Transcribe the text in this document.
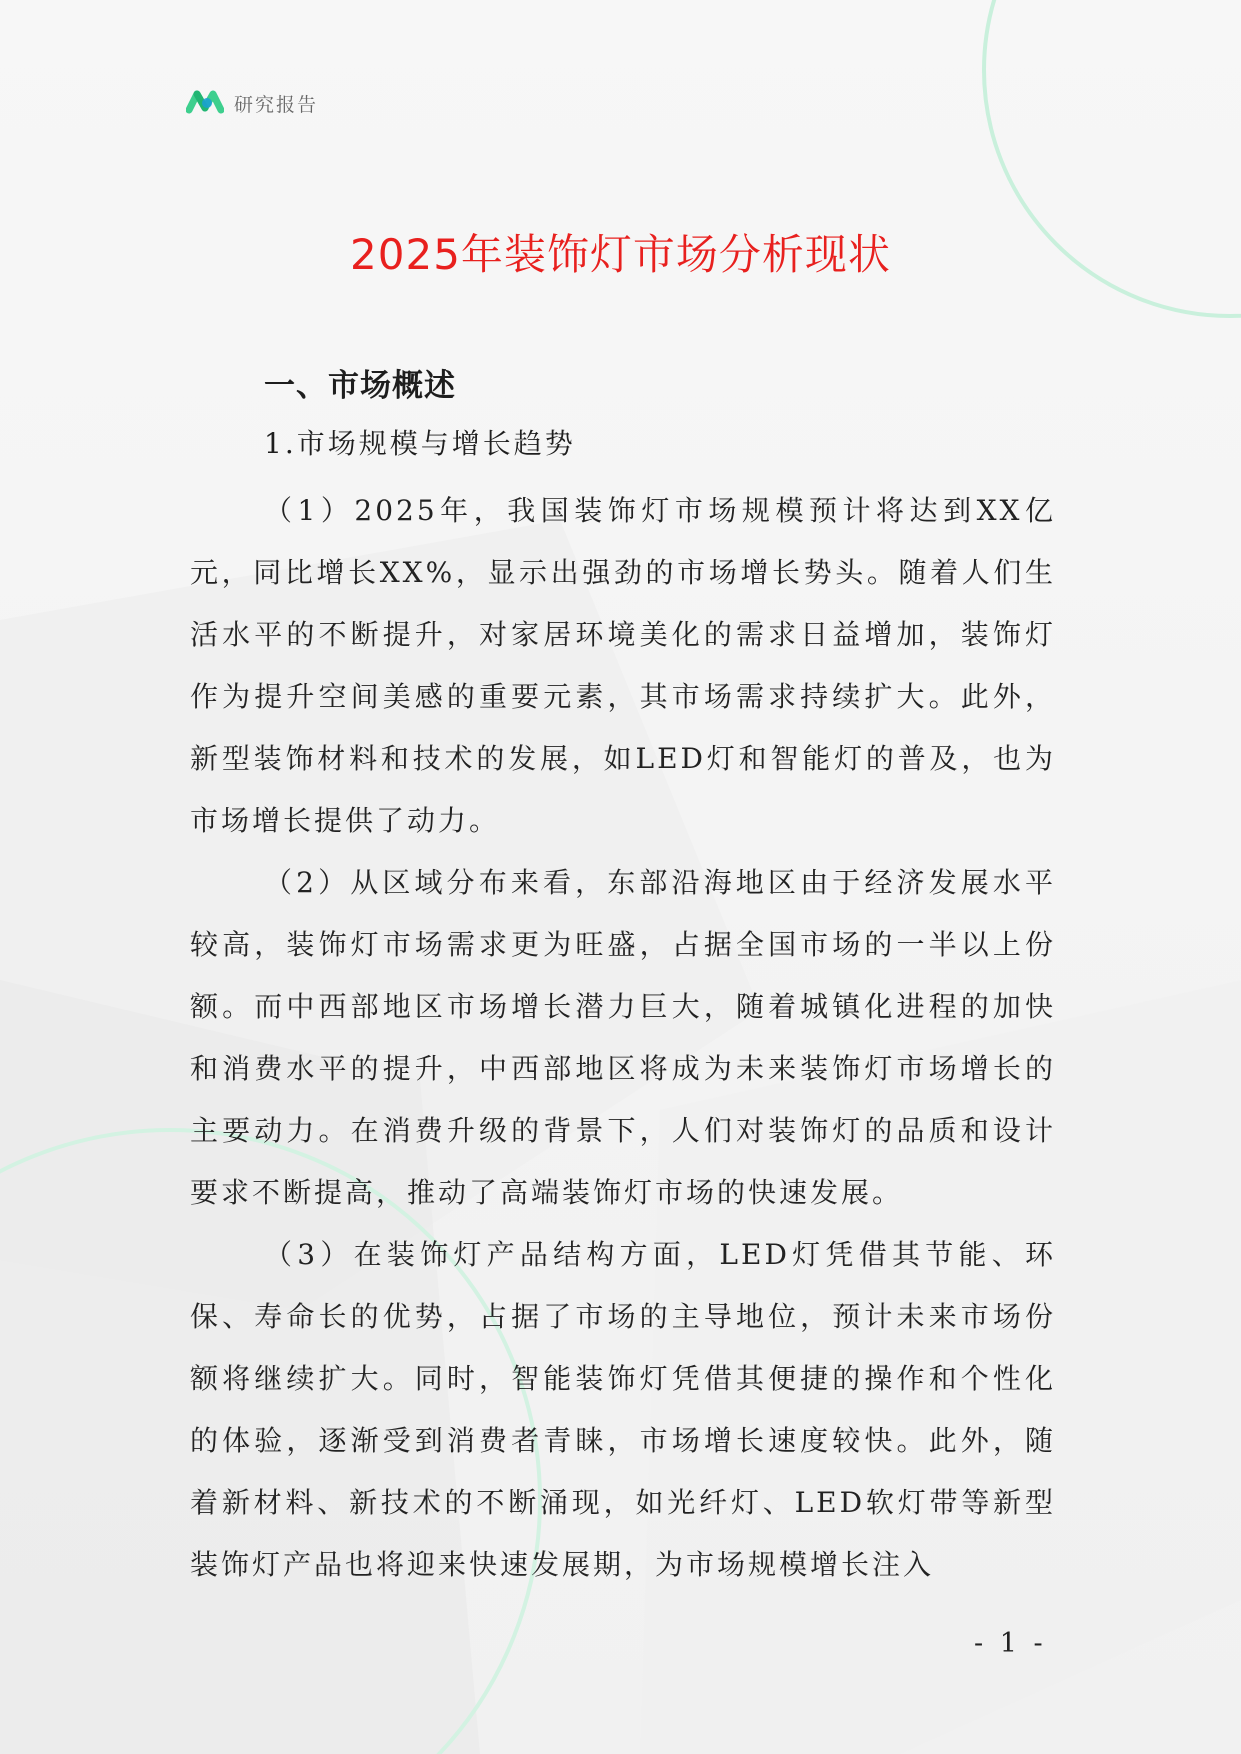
研究报告
2025年装饰灯市场分析现状
一、市场概述
1.市场规模与增长趋势

（1）2025年，我国装饰灯市场规模预计将达到XX亿元，同比增长XX%，显示出强劲的市场增长势头。随着人们生活水平的不断提升，对家居环境美化的需求日益增加，装饰灯作为提升空间美感的重要元素，其市场需求持续扩大。此外，新型装饰材料和技术的发展，如LED灯和智能灯的普及，也为市场增长提供了动力。

（2）从区域分布来看，东部沿海地区由于经济发展水平较高，装饰灯市场需求更为旺盛，占据全国市场的一半以上份额。而中西部地区市场增长潜力巨大，随着城镇化进程的加快和消费水平的提升，中西部地区将成为未来装饰灯市场增长的主要动力。在消费升级的背景下，人们对装饰灯的品质和设计要求不断提高，推动了高端装饰灯市场的快速发展。

（3）在装饰灯产品结构方面，LED灯凭借其节能、环保、寿命长的优势，占据了市场的主导地位，预计未来市场份额将继续扩大。同时，智能装饰灯凭借其便捷的操作和个性化的体验，逐渐受到消费者青睐，市场增长速度较快。此外，随着新材料、新技术的不断涌现，如光纤灯、LED软灯带等新型装饰灯产品也将迎来快速发展期，为市场规模增长注入

- 1 -
